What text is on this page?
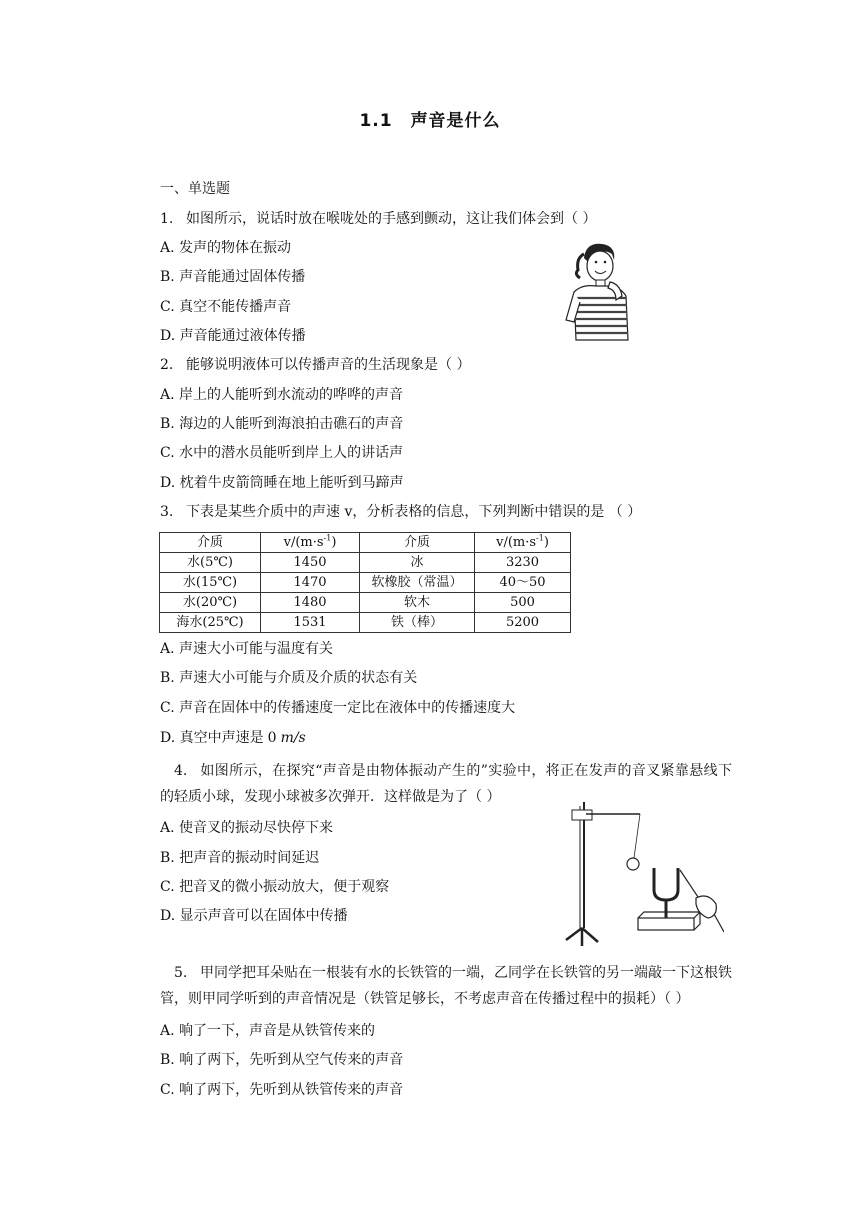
1.1 声音是什么
一、单选题
1. 如图所示，说话时放在喉咙处的手感到颤动，这让我们体会到（ ）
A. 发声的物体在振动
B. 声音能通过固体传播
C. 真空不能传播声音
D. 声音能通过液体传播
2. 能够说明液体可以传播声音的生活现象是（ ）
A. 岸上的人能听到水流动的哗哗的声音
B. 海边的人能听到海浪拍击礁石的声音
C. 水中的潜水员能听到岸上人的讲话声
D. 枕着牛皮箭筒睡在地上能听到马蹄声
3. 下表是某些介质中的声速 v，分析表格的信息，下列判断中错误的是 （ ）
介质	$v/(m\cdot s^{-1})$	介质	$v/(m\cdot s^{-1})$
水(5℃)	1450	冰	3230
水(15℃)	1470	软橡胶（常温）	40～50
水(20℃)	1480	软木	500
海水(25℃)	1531	铁（棒）	5200
A. 声速大小可能与温度有关
B. 声速大小可能与介质及介质的状态有关
C. 声音在固体中的传播速度一定比在液体中的传播速度大
D. 真空中声速是 0 m/s
4. 如图所示，在探究“声音是由物体振动产生的”实验中，将正在发声的音叉紧靠悬线下的轻质小球，发现小球被多次弹开．这样做是为了（ ）
A. 使音叉的振动尽快停下来
B. 把声音的振动时间延迟
C. 把音叉的微小振动放大，便于观察
D. 显示声音可以在固体中传播
5. 甲同学把耳朵贴在一根装有水的长铁管的一端，乙同学在长铁管的另一端敲一下这根铁管，则甲同学听到的声音情况是（铁管足够长，不考虑声音在传播过程中的损耗）（ ）
A. 响了一下，声音是从铁管传来的
B. 响了两下，先听到从空气传来的声音
C. 响了两下，先听到从铁管传来的声音
